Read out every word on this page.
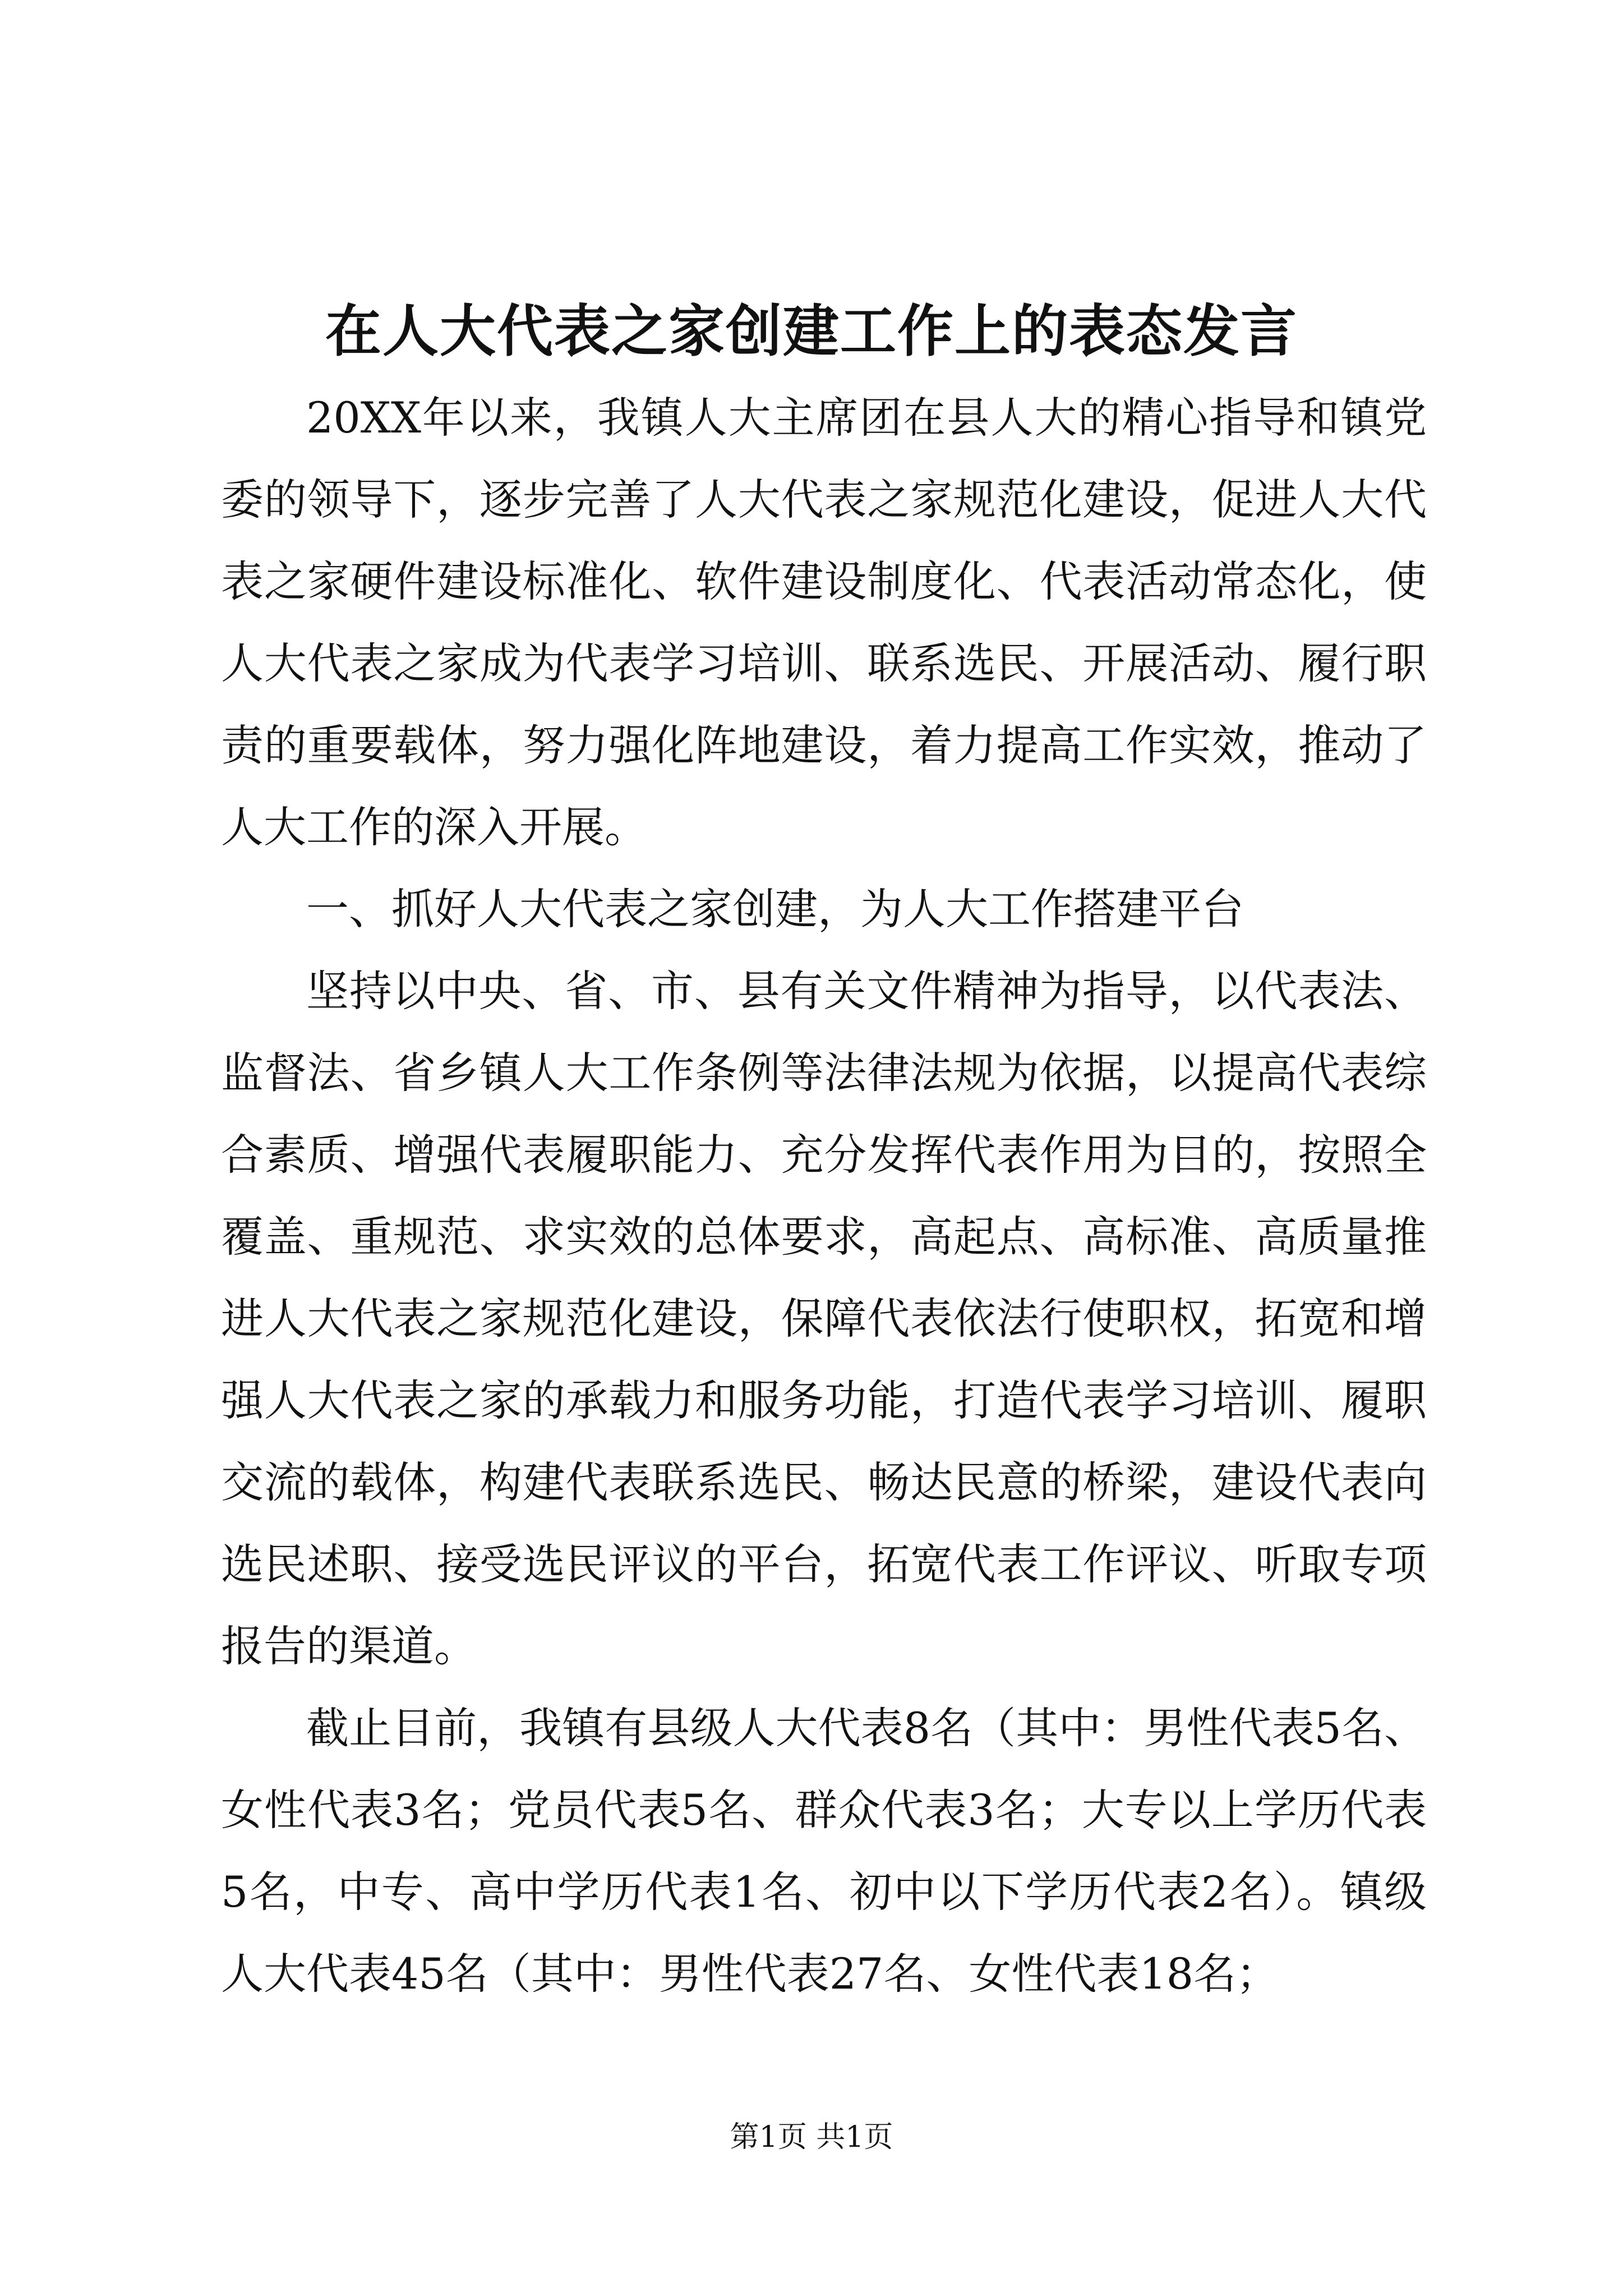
在人大代表之家创建工作上的表态发言

20XX年以来，我镇人大主席团在县人大的精心指导和镇党委的领导下，逐步完善了人大代表之家规范化建设，促进人大代表之家硬件建设标准化、软件建设制度化、代表活动常态化，使人大代表之家成为代表学习培训、联系选民、开展活动、履行职责的重要载体，努力强化阵地建设，着力提高工作实效，推动了人大工作的深入开展。

一、抓好人大代表之家创建，为人大工作搭建平台

坚持以中央、省、市、县有关文件精神为指导，以代表法、监督法、省乡镇人大工作条例等法律法规为依据，以提高代表综合素质、增强代表履职能力、充分发挥代表作用为目的，按照全覆盖、重规范、求实效的总体要求，高起点、高标准、高质量推进人大代表之家规范化建设，保障代表依法行使职权，拓宽和增强人大代表之家的承载力和服务功能，打造代表学习培训、履职交流的载体，构建代表联系选民、畅达民意的桥梁，建设代表向选民述职、接受选民评议的平台，拓宽代表工作评议、听取专项报告的渠道。

截止目前，我镇有县级人大代表8名（其中：男性代表5名、女性代表3名；党员代表5名、群众代表3名；大专以上学历代表5名，中专、高中学历代表1名、初中以下学历代表2名）。镇级人大代表45名（其中：男性代表27名、女性代表18名；

第1页 共1页
